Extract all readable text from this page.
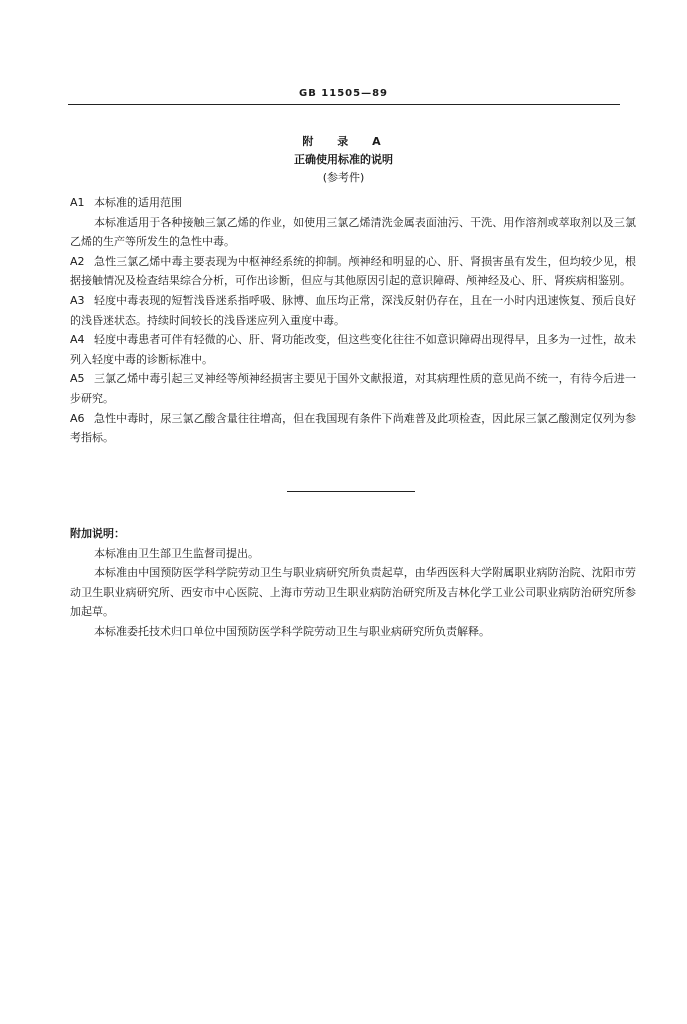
GB 11505—89
附 录 A
正确使用标准的说明
(参考件)

A1 本标准的适用范围

本标准适用于各种接触三氯乙烯的作业，如使用三氯乙烯清洗金属表面油污、干洗、用作溶剂或萃取剂以及三氯乙烯的生产等所发生的急性中毒。

A2 急性三氯乙烯中毒主要表现为中枢神经系统的抑制。颅神经和明显的心、肝、肾损害虽有发生，但均较少见，根据接触情况及检查结果综合分析，可作出诊断，但应与其他原因引起的意识障碍、颅神经及心、肝、肾疾病相鉴别。

A3 轻度中毒表现的短暂浅昏迷系指呼吸、脉博、血压均正常，深浅反射仍存在，且在一小时内迅速恢复、预后良好的浅昏迷状态。持续时间较长的浅昏迷应列入重度中毒。

A4 轻度中毒患者可伴有轻微的心、肝、肾功能改变，但这些变化往往不如意识障碍出现得早，且多为一过性，故未列入轻度中毒的诊断标准中。

A5 三氯乙烯中毒引起三叉神经等颅神经损害主要见于国外文献报道，对其病理性质的意见尚不统一，有待今后进一步研究。

A6 急性中毒时，尿三氯乙酸含量往往增高，但在我国现有条件下尚难普及此项检查，因此尿三氯乙酸测定仅列为参考指标。

附加说明：

本标准由卫生部卫生监督司提出。

本标准由中国预防医学科学院劳动卫生与职业病研究所负责起草，由华西医科大学附属职业病防治院、沈阳市劳动卫生职业病研究所、西安市中心医院、上海市劳动卫生职业病防治研究所及吉林化学工业公司职业病防治研究所参加起草。

本标准委托技术归口单位中国预防医学科学院劳动卫生与职业病研究所负责解释。
